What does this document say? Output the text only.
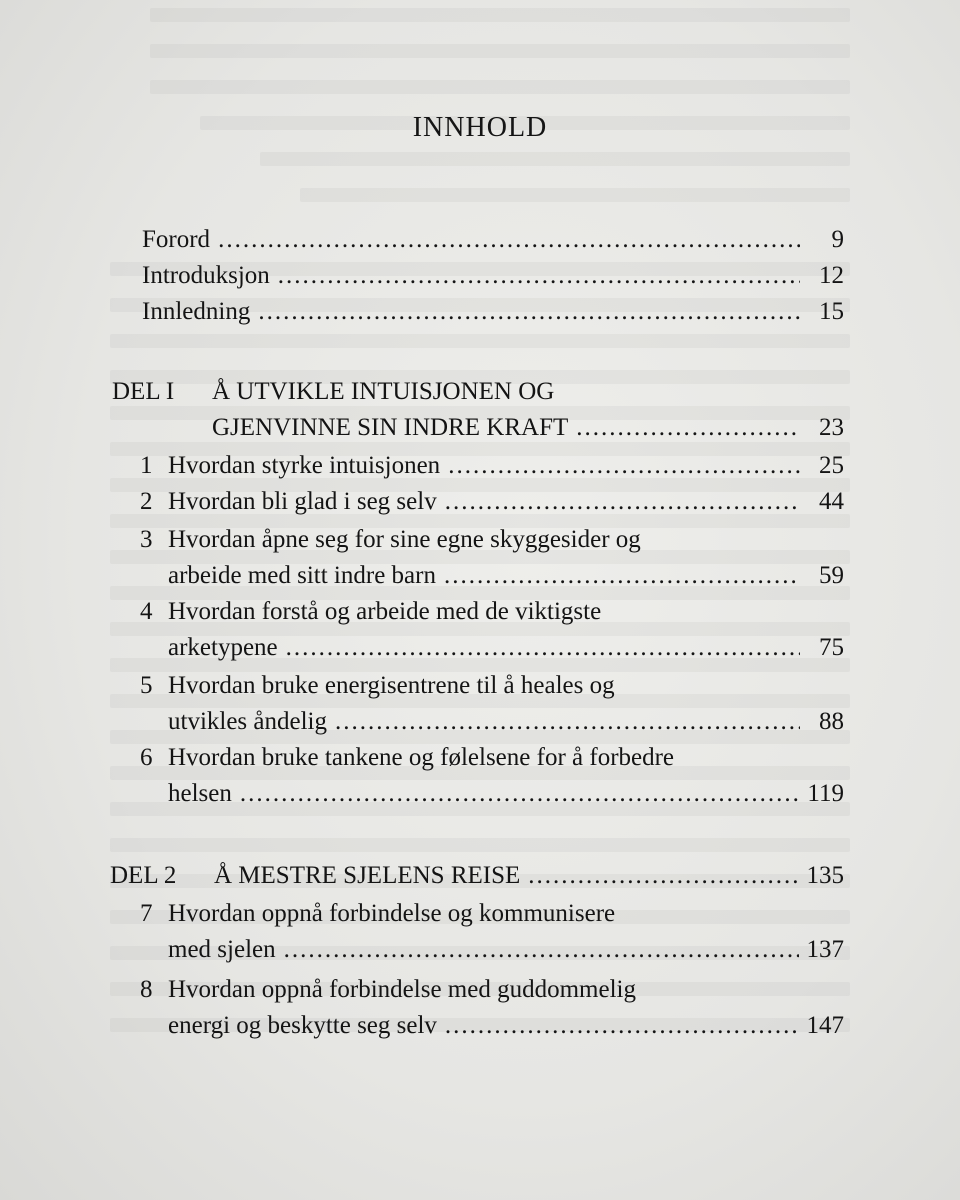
INNHOLD
Forord .....	9
Introduksjon .....	12
Innledning .....	15
DEL I Å UTVIKLE INTUISJONEN OG
GJENVINNE SIN INDRE KRAFT .....	23
1 Hvordan styrke intuisjonen .....	25
2 Hvordan bli glad i seg selv .....	44
3 Hvordan åpne seg for sine egne skyggesider og
arbeide med sitt indre barn .....	59
4 Hvordan forstå og arbeide med de viktigste
arketypene .....	75
5 Hvordan bruke energisentrene til å heales og
utvikles åndelig .....	88
6 Hvordan bruke tankene og følelsene for å forbedre
helsen .....	119
DEL 2 Å MESTRE SJELENS REISE .....	135
7 Hvordan oppnå forbindelse og kommunisere
med sjelen .....	137
8 Hvordan oppnå forbindelse med guddommelig
energi og beskytte seg selv .....	147
